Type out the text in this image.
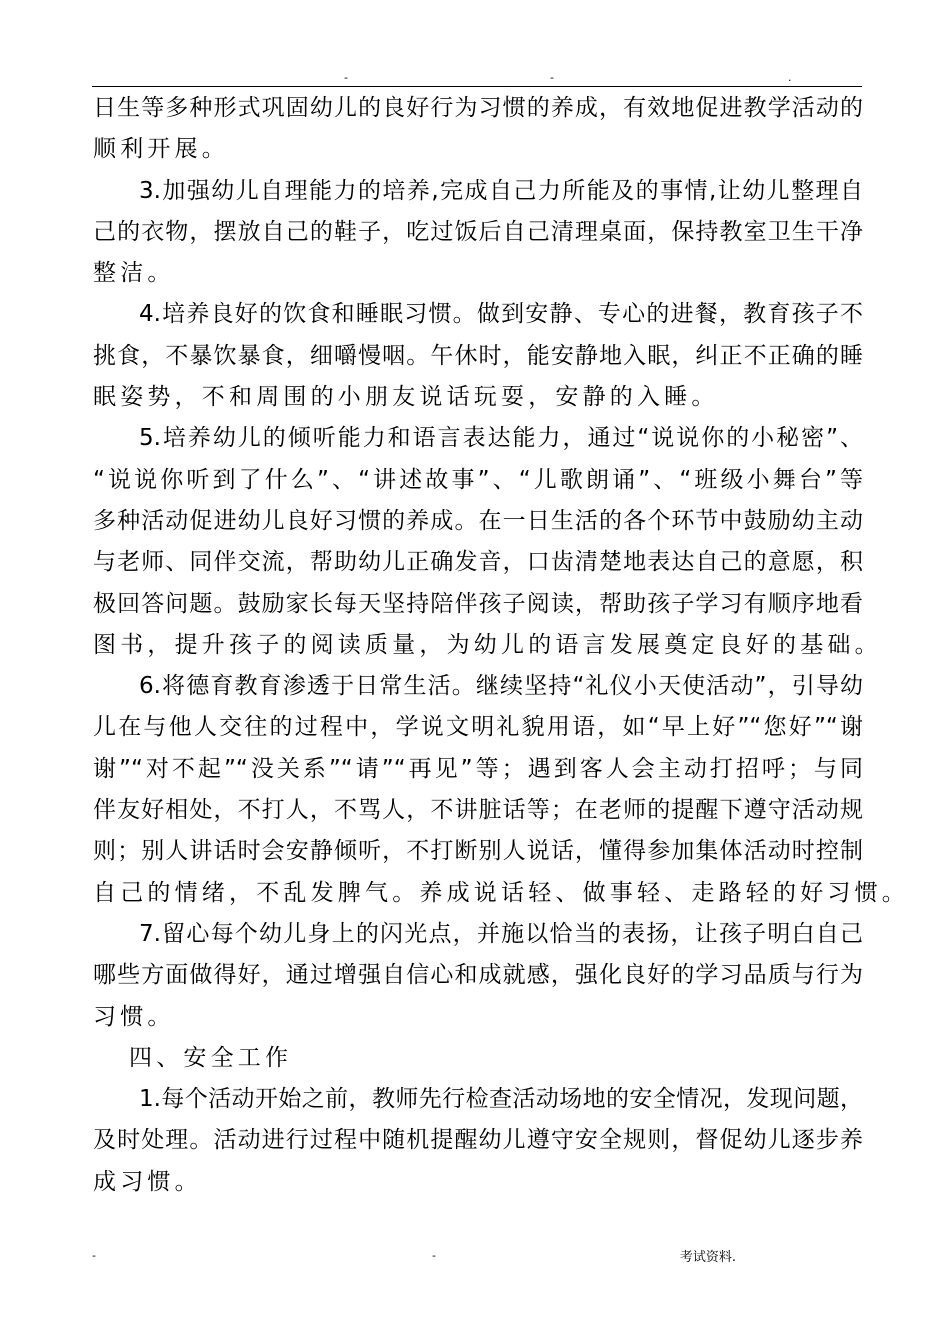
-	-	.
日生等多种形式巩固幼儿的良好行为习惯的养成，有效地促进教学活动的
顺利开展。
3.加强幼儿自理能力的培养,完成自己力所能及的事情,让幼儿整理自
己的衣物，摆放自己的鞋子，吃过饭后自己清理桌面，保持教室卫生干净
整洁。
4.培养良好的饮食和睡眠习惯。做到安静、专心的进餐，教育孩子不
挑食，不暴饮暴食，细嚼慢咽。午休时，能安静地入眠，纠正不正确的睡
眠姿势，不和周围的小朋友说话玩耍，安静的入睡。
5.培养幼儿的倾听能力和语言表达能力，通过“说说你的小秘密”、
“说说你听到了什么”、“讲述故事”、“儿歌朗诵”、“班级小舞台”等
多种活动促进幼儿良好习惯的养成。在一日生活的各个环节中鼓励幼主动
与老师、同伴交流，帮助幼儿正确发音，口齿清楚地表达自己的意愿，积
极回答问题。鼓励家长每天坚持陪伴孩子阅读，帮助孩子学习有顺序地看
图书，提升孩子的阅读质量，为幼儿的语言发展奠定良好的基础。
6.将德育教育渗透于日常生活。继续坚持“礼仪小天使活动”，引导幼
儿在与他人交往的过程中，学说文明礼貌用语，如“早上好”“您好”“谢
谢”“对不起”“没关系”“请”“再见”等；遇到客人会主动打招呼；与同
伴友好相处，不打人，不骂人，不讲脏话等；在老师的提醒下遵守活动规
则；别人讲话时会安静倾听，不打断别人说话，懂得参加集体活动时控制
自己的情绪，不乱发脾气。养成说话轻、做事轻、走路轻的好习惯。
7.留心每个幼儿身上的闪光点，并施以恰当的表扬，让孩子明白自己
哪些方面做得好，通过增强自信心和成就感，强化良好的学习品质与行为
习惯。
四、安全工作
1.每个活动开始之前，教师先行检查活动场地的安全情况，发现问题，
及时处理。活动进行过程中随机提醒幼儿遵守安全规则，督促幼儿逐步养
成习惯。
-	-	考试资料.
